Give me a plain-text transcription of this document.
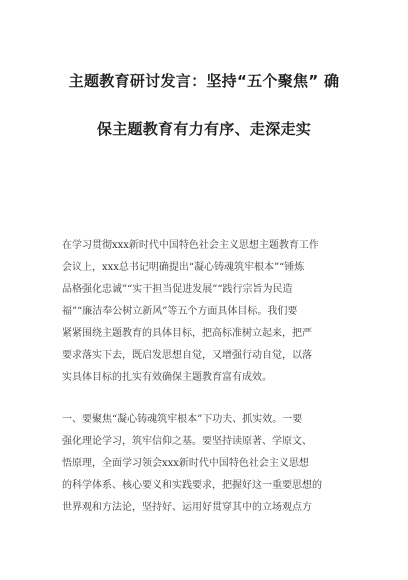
主题教育研讨发言：坚持“五个聚焦” 确
保主题教育有力有序、走深走实
在学习贯彻xxx新时代中国特色社会主义思想主题教育工作
会议上，xxx总书记明确提出“凝心铸魂筑牢根本”“锤炼
品格强化忠诚”“实干担当促进发展”“践行宗旨为民造
福”“廉洁奉公树立新风”等五个方面具体目标。我们要
紧紧围绕主题教育的具体目标，把高标准树立起来，把严
要求落实下去，既启发思想自觉，又增强行动自觉，以落
实具体目标的扎实有效确保主题教育富有成效。
一、要聚焦“凝心铸魂筑牢根本”下功夫、抓实效。一要
强化理论学习，筑牢信仰之基。要坚持读原著、学原文、
悟原理，全面学习领会xxx新时代中国特色社会主义思想
的科学体系、核心要义和实践要求，把握好这一重要思想的
世界观和方法论，坚持好、运用好贯穿其中的立场观点方
